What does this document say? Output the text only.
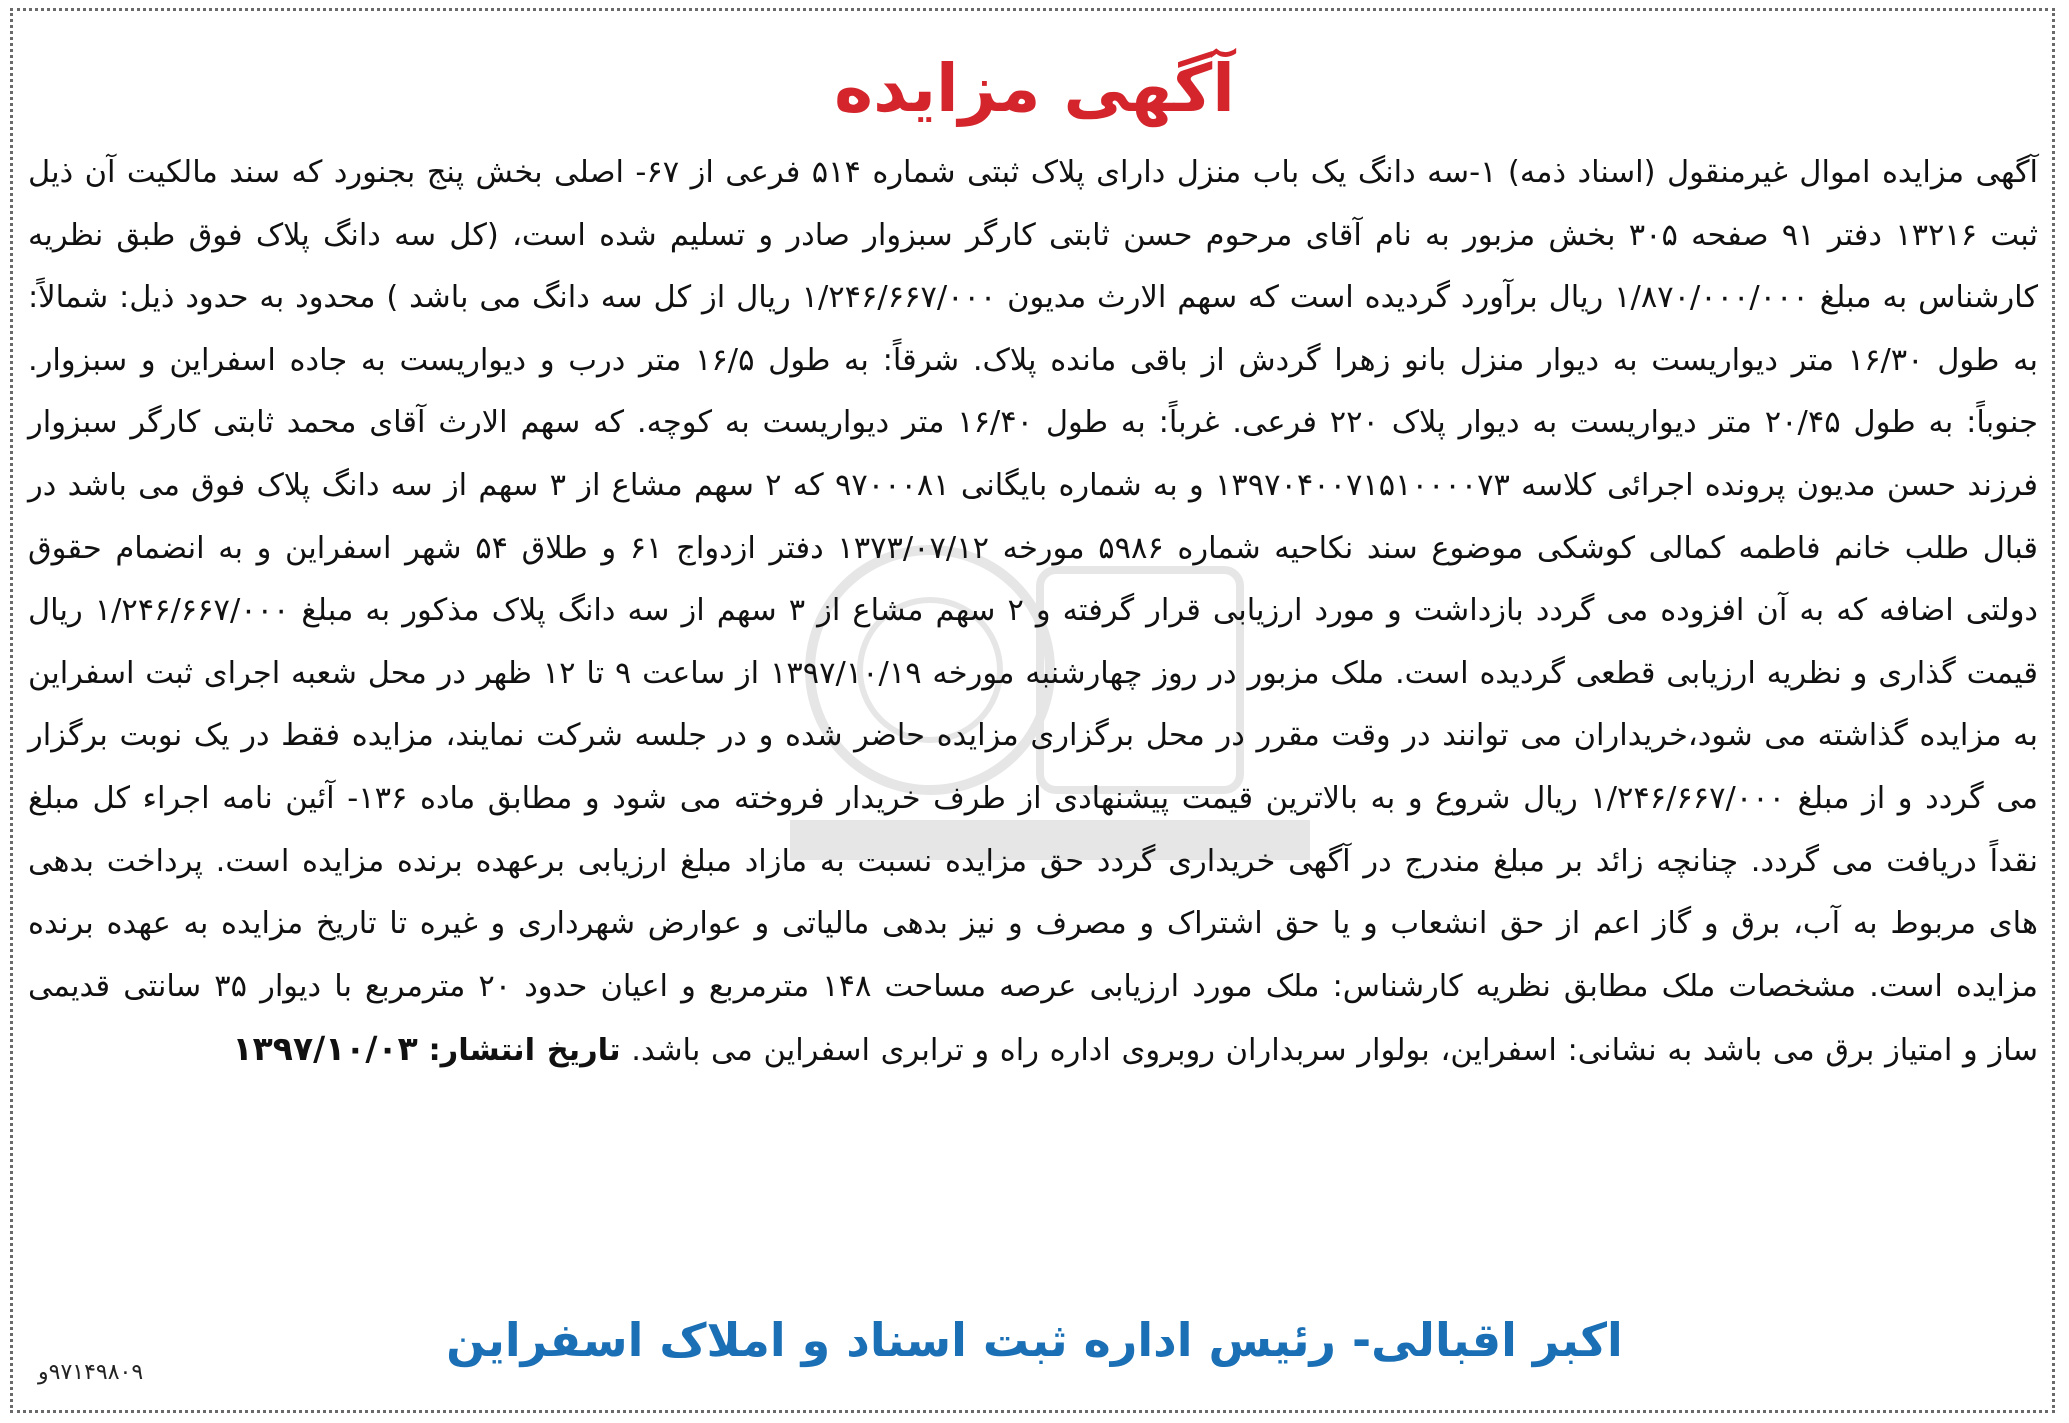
آگهی مزایده

آگهی مزایده اموال غیرمنقول (اسناد ذمه) ۱-سه دانگ یک باب منزل دارای پلاک ثبتی شماره ۵۱۴ فرعی از ۶۷- اصلی بخش پنج بجنورد که سند مالکیت آن ذیل ثبت ۱۳۲۱۶ دفتر ۹۱ صفحه ۳۰۵ بخش مزبور به نام آقای مرحوم حسن ثابتی کارگر سبزوار صادر و تسلیم شده است، (کل سه دانگ پلاک فوق طبق نظریه کارشناس به مبلغ ۱/۸۷۰/۰۰۰/۰۰۰ ریال برآورد گردیده است که سهم الارث مدیون ۱/۲۴۶/۶۶۷/۰۰۰ ریال از کل سه دانگ می باشد ) محدود به حدود ذیل: شمالاً: به طول ۱۶/۳۰ متر دیواریست به دیوار منزل بانو زهرا گردش از باقی مانده پلاک. شرقاً: به طول ۱۶/۵ متر درب و دیواریست به جاده اسفراین و سبزوار. جنوباً: به طول ۲۰/۴۵ متر دیواریست به دیوار پلاک ۲۲۰ فرعی. غرباً: به طول ۱۶/۴۰ متر دیواریست به کوچه. که سهم الارث آقای محمد ثابتی کارگر سبزوار فرزند حسن مدیون پرونده اجرائی کلاسه ۱۳۹۷۰۴۰۰۷۱۵۱۰۰۰۰۷۳ و به شماره بایگانی ۹۷۰۰۰۸۱ که ۲ سهم مشاع از ۳ سهم از سه دانگ پلاک فوق می باشد در قبال طلب خانم فاطمه کمالی کوشکی موضوع سند نکاحیه شماره ۵۹۸۶ مورخه ۱۳۷۳/۰۷/۱۲ دفتر ازدواج ۶۱ و طلاق ۵۴ شهر اسفراین و به انضمام حقوق دولتی اضافه که به آن افزوده می گردد بازداشت و مورد ارزیابی قرار گرفته و ۲ سهم مشاع از ۳ سهم از سه دانگ پلاک مذکور به مبلغ ۱/۲۴۶/۶۶۷/۰۰۰ ریال قیمت گذاری و نظریه ارزیابی قطعی گردیده است. ملک مزبور در روز چهارشنبه مورخه ۱۳۹۷/۱۰/۱۹ از ساعت ۹ تا ۱۲ ظهر در محل شعبه اجرای ثبت اسفراین به مزایده گذاشته می شود،خریداران می توانند در وقت مقرر در محل برگزاری مزایده حاضر شده و در جلسه شرکت نمایند، مزایده فقط در یک نوبت برگزار می گردد و از مبلغ ۱/۲۴۶/۶۶۷/۰۰۰ ریال شروع و به بالاترین قیمت پیشنهادی از طرف خریدار فروخته می شود و مطابق ماده ۱۳۶- آئین نامه اجراء کل مبلغ نقداً دریافت می گردد. چنانچه زائد بر مبلغ مندرج در آگهی خریداری گردد حق مزایده نسبت به مازاد مبلغ ارزیابی برعهده برنده مزایده است. پرداخت بدهی های مربوط به آب، برق و گاز اعم از حق انشعاب و یا حق اشتراک و مصرف و نیز بدهی مالیاتی و عوارض شهرداری و غیره تا تاریخ مزایده به عهده برنده مزایده است. مشخصات ملک مطابق نظریه کارشناس: ملک مورد ارزیابی عرصه مساحت ۱۴۸ مترمربع و اعیان حدود ۲۰ مترمربع با دیوار ۳۵ سانتی قدیمی ساز و امتیاز برق می باشد به نشانی: اسفراین، بولوار سربداران روبروی اداره راه و ترابری اسفراین می باشد. تاریخ انتشار: ۱۳۹۷/۱۰/۰۳

اکبر اقبالی- رئیس اداره ثبت اسناد و املاک اسفراین
۹۷۱۴۹۸۰۹و
